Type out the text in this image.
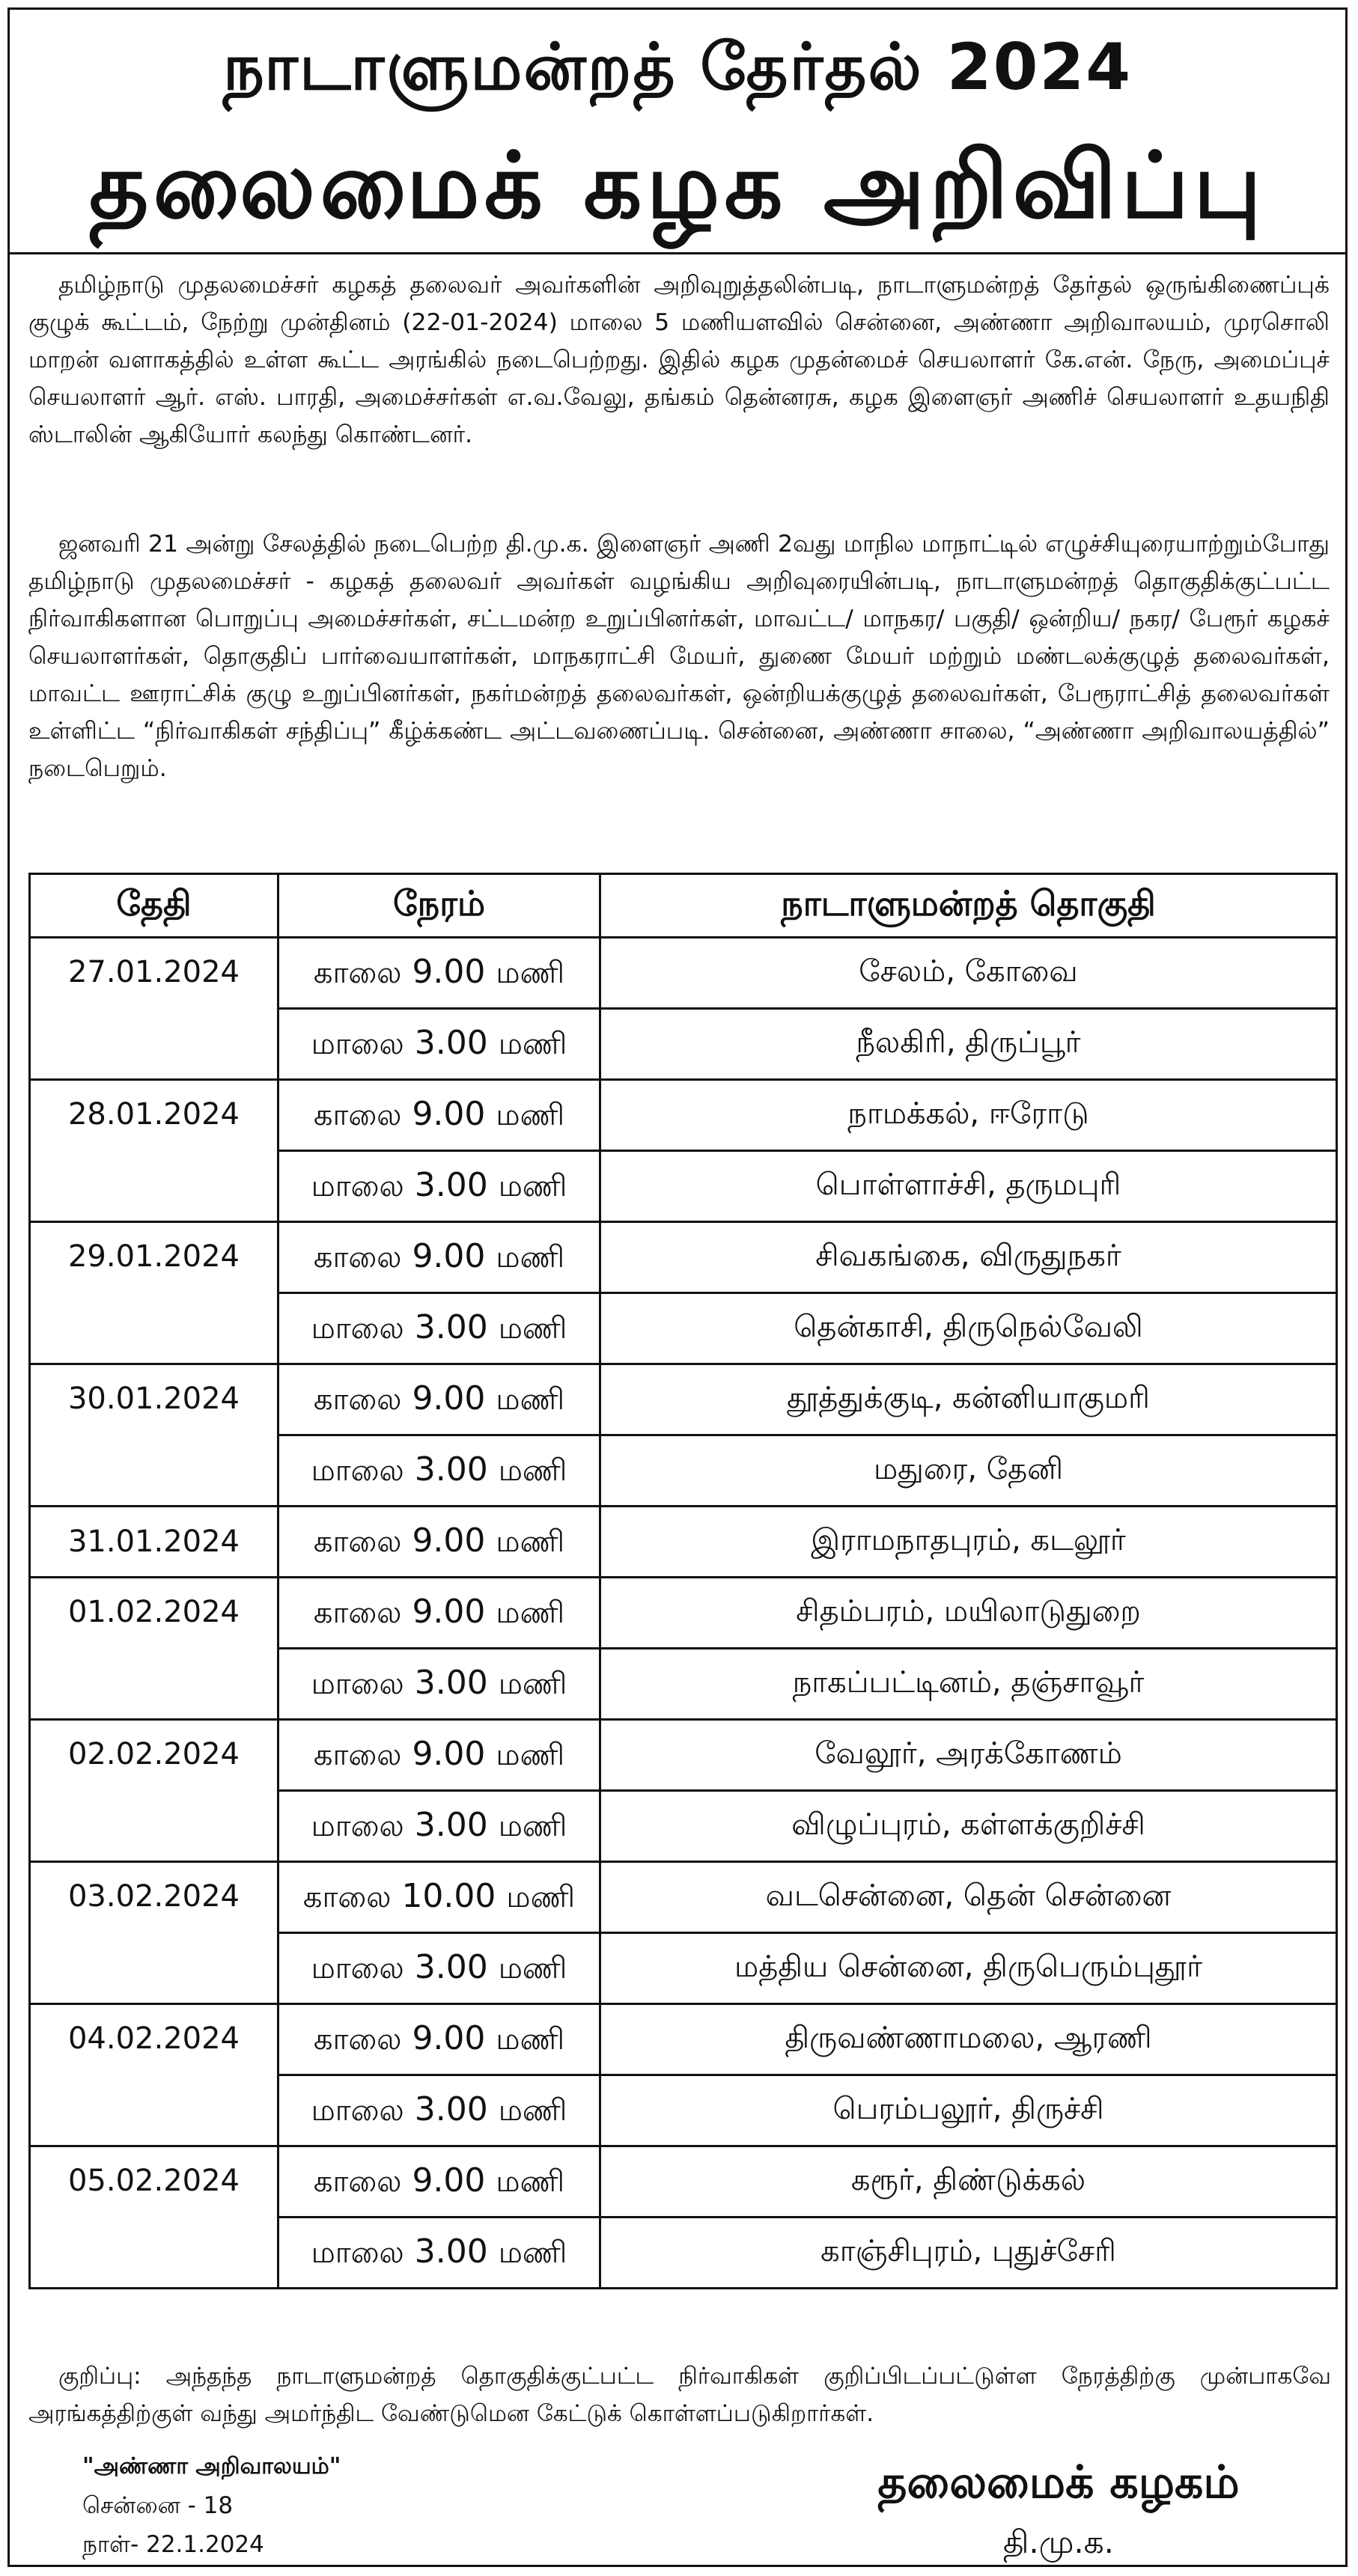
நாடாளுமன்றத் தேர்தல் 2024
தலைமைக் கழக அறிவிப்பு
தமிழ்நாடு முதலமைச்சர் கழகத் தலைவர் அவர்களின் அறிவுறுத்தலின்படி, நாடாளுமன்றத் தேர்தல் ஒருங்கிணைப்புக் குழுக் கூட்டம், நேற்று முன்தினம் (22-01-2024) மாலை 5 மணியளவில் சென்னை, அண்ணா அறிவாலயம், முரசொலி மாறன் வளாகத்தில் உள்ள கூட்ட அரங்கில் நடைபெற்றது. இதில் கழக முதன்மைச் செயலாளர் கே.என். நேரு, அமைப்புச் செயலாளர் ஆர். எஸ். பாரதி, அமைச்சர்கள் எ.வ.வேலு, தங்கம் தென்னரசு, கழக இளைஞர் அணிச் செயலாளர் உதயநிதி ஸ்டாலின் ஆகியோர் கலந்து கொண்டனர்.
ஜனவரி 21 அன்று சேலத்தில் நடைபெற்ற தி.மு.க. இளைஞர் அணி 2வது மாநில மாநாட்டில் எழுச்சியுரையாற்றும்போது தமிழ்நாடு முதலமைச்சர் - கழகத் தலைவர் அவர்கள் வழங்கிய அறிவுரையின்படி, நாடாளுமன்றத் தொகுதிக்குட்பட்ட நிர்வாகிகளான பொறுப்பு அமைச்சர்கள், சட்டமன்ற உறுப்பினர்கள், மாவட்ட/ மாநகர/ பகுதி/ ஒன்றிய/ நகர/ பேரூர் கழகச் செயலாளர்கள், தொகுதிப் பார்வையாளர்கள், மாநகராட்சி மேயர், துணை மேயர் மற்றும் மண்டலக்குழுத் தலைவர்கள், மாவட்ட ஊராட்சிக் குழு உறுப்பினர்கள், நகர்மன்றத் தலைவர்கள், ஒன்றியக்குழுத் தலைவர்கள், பேரூராட்சித் தலைவர்கள் உள்ளிட்ட “நிர்வாகிகள் சந்திப்பு” கீழ்க்கண்ட அட்டவணைப்படி. சென்னை, அண்ணா சாலை, “அண்ணா அறிவாலயத்தில்” நடைபெறும்.
தேதி	நேரம்	நாடாளுமன்றத் தொகுதி
27.01.2024	காலை 9.00 மணி	சேலம், கோவை
	மாலை 3.00 மணி	நீலகிரி, திருப்பூர்
28.01.2024	காலை 9.00 மணி	நாமக்கல், ஈரோடு
	மாலை 3.00 மணி	பொள்ளாச்சி, தருமபுரி
29.01.2024	காலை 9.00 மணி	சிவகங்கை, விருதுநகர்
	மாலை 3.00 மணி	தென்காசி, திருநெல்வேலி
30.01.2024	காலை 9.00 மணி	தூத்துக்குடி, கன்னியாகுமரி
	மாலை 3.00 மணி	மதுரை, தேனி
31.01.2024	காலை 9.00 மணி	இராமநாதபுரம், கடலூர்
01.02.2024	காலை 9.00 மணி	சிதம்பரம், மயிலாடுதுறை
	மாலை 3.00 மணி	நாகப்பட்டினம், தஞ்சாவூர்
02.02.2024	காலை 9.00 மணி	வேலூர், அரக்கோணம்
	மாலை 3.00 மணி	விழுப்புரம், கள்ளக்குறிச்சி
03.02.2024	காலை 10.00 மணி	வடசென்னை, தென் சென்னை
	மாலை 3.00 மணி	மத்திய சென்னை, திருபெரும்புதூர்
04.02.2024	காலை 9.00 மணி	திருவண்ணாமலை, ஆரணி
	மாலை 3.00 மணி	பெரம்பலூர், திருச்சி
05.02.2024	காலை 9.00 மணி	கரூர், திண்டுக்கல்
	மாலை 3.00 மணி	காஞ்சிபுரம், புதுச்சேரி
குறிப்பு: அந்தந்த நாடாளுமன்றத் தொகுதிக்குட்பட்ட நிர்வாகிகள் குறிப்பிடப்பட்டுள்ள நேரத்திற்கு முன்பாகவே அரங்கத்திற்குள் வந்து அமர்ந்திட வேண்டுமென கேட்டுக் கொள்ளப்படுகிறார்கள்.
"அண்ணா அறிவாலயம்"
சென்னை - 18
நாள்- 22.1.2024
தலைமைக் கழகம்
தி.மு.க.
